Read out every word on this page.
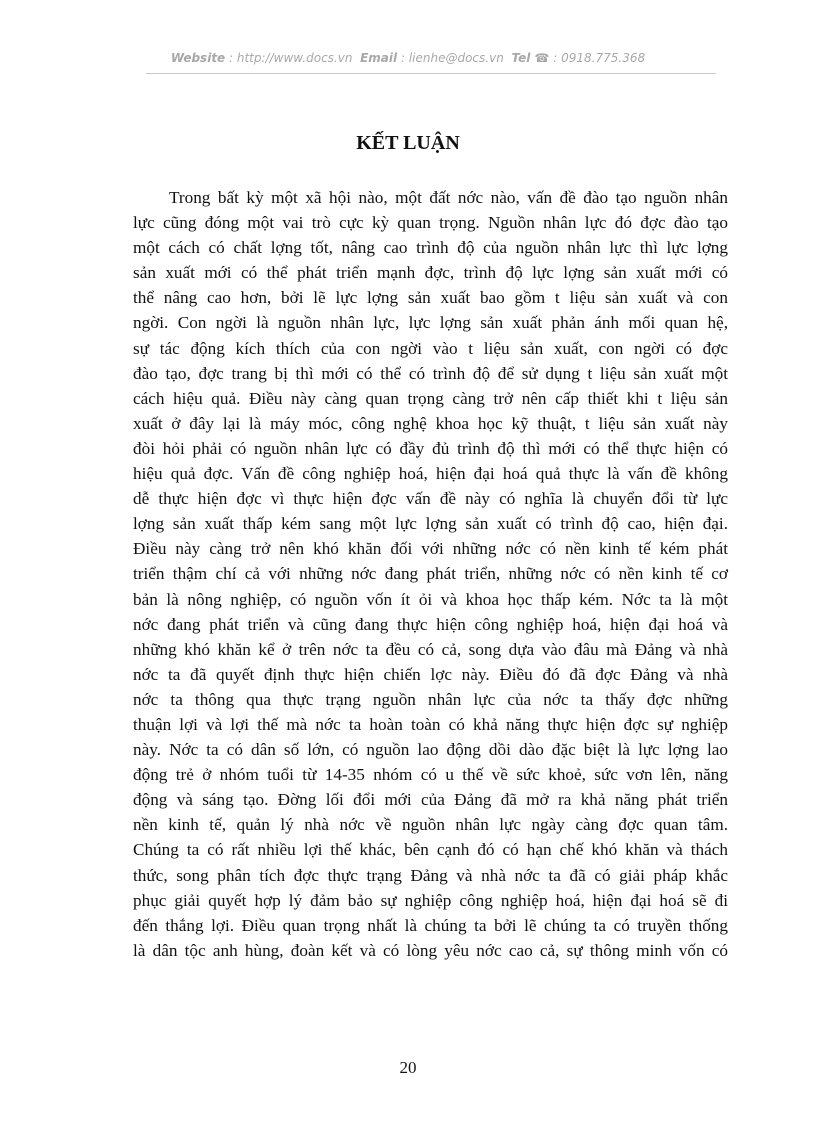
Website : http://www.docs.vn Email : lienhe@docs.vn Tel ☎ : 0918.775.368
KẾT LUẬN
Trong bất kỳ một xã hội nào, một đất nớc nào, vấn đề đào tạo nguồn nhân
lực cũng đóng một vai trò cực kỳ quan trọng. Nguồn nhân lực đó đợc đào tạo
một cách có chất lợng tốt, nâng cao trình độ của nguồn nhân lực thì lực lợng
sản xuất mới có thể phát triển mạnh đợc, trình độ lực lợng sản xuất mới có
thể nâng cao hơn, bởi lẽ lực lợng sản xuất bao gồm t liệu sản xuất và con
ngời. Con ngời là nguồn nhân lực, lực lợng sản xuất phản ánh mối quan hệ,
sự tác động kích thích của con ngời vào t liệu sản xuất, con ngời có đợc
đào tạo, đợc trang bị thì mới có thể có trình độ để sử dụng t liệu sản xuất một
cách hiệu quả. Điều này càng quan trọng càng trở nên cấp thiết khi t liệu sản
xuất ở đây lại là máy móc, công nghệ khoa học kỹ thuật, t liệu sản xuất này
đòi hỏi phải có nguồn nhân lực có đầy đủ trình độ thì mới có thể thực hiện có
hiệu quả đợc. Vấn đề công nghiệp hoá, hiện đại hoá quả thực là vấn đề không
dễ thực hiện đợc vì thực hiện đợc vấn đề này có nghĩa là chuyển đổi từ lực
lợng sản xuất thấp kém sang một lực lợng sản xuất có trình độ cao, hiện đại.
Điều này càng trở nên khó khăn đối với những nớc có nền kinh tế kém phát
triển thậm chí cả với những nớc đang phát triển, những nớc có nền kinh tế cơ
bản là nông nghiệp, có nguồn vốn ít ỏi và khoa học thấp kém. Nớc ta là một
nớc đang phát triển và cũng đang thực hiện công nghiệp hoá, hiện đại hoá và
những khó khăn kể ở trên nớc ta đều có cả, song dựa vào đâu mà Đảng và nhà
nớc ta đã quyết định thực hiện chiến lợc này. Điều đó đã đợc Đảng và nhà
nớc ta thông qua thực trạng nguồn nhân lực của nớc ta thấy đợc những
thuận lợi và lợi thế mà nớc ta hoàn toàn có khả năng thực hiện đợc sự nghiệp
này. Nớc ta có dân số lớn, có nguồn lao động dồi dào đặc biệt là lực lợng lao
động trẻ ở nhóm tuổi từ 14-35 nhóm có u thế về sức khoẻ, sức vơn lên, năng
động và sáng tạo. Đờng lối đổi mới của Đảng đã mở ra khả năng phát triển
nền kinh tế, quản lý nhà nớc về nguồn nhân lực ngày càng đợc quan tâm.
Chúng ta có rất nhiều lợi thế khác, bên cạnh đó có hạn chế khó khăn và thách
thức, song phân tích đợc thực trạng Đảng và nhà nớc ta đã có giải pháp khắc
phục giải quyết hợp lý đảm bảo sự nghiệp công nghiệp hoá, hiện đại hoá sẽ đi
đến thắng lợi. Điều quan trọng nhất là chúng ta bởi lẽ chúng ta có truyền thống
là dân tộc anh hùng, đoàn kết và có lòng yêu nớc cao cả, sự thông minh vốn có
20
